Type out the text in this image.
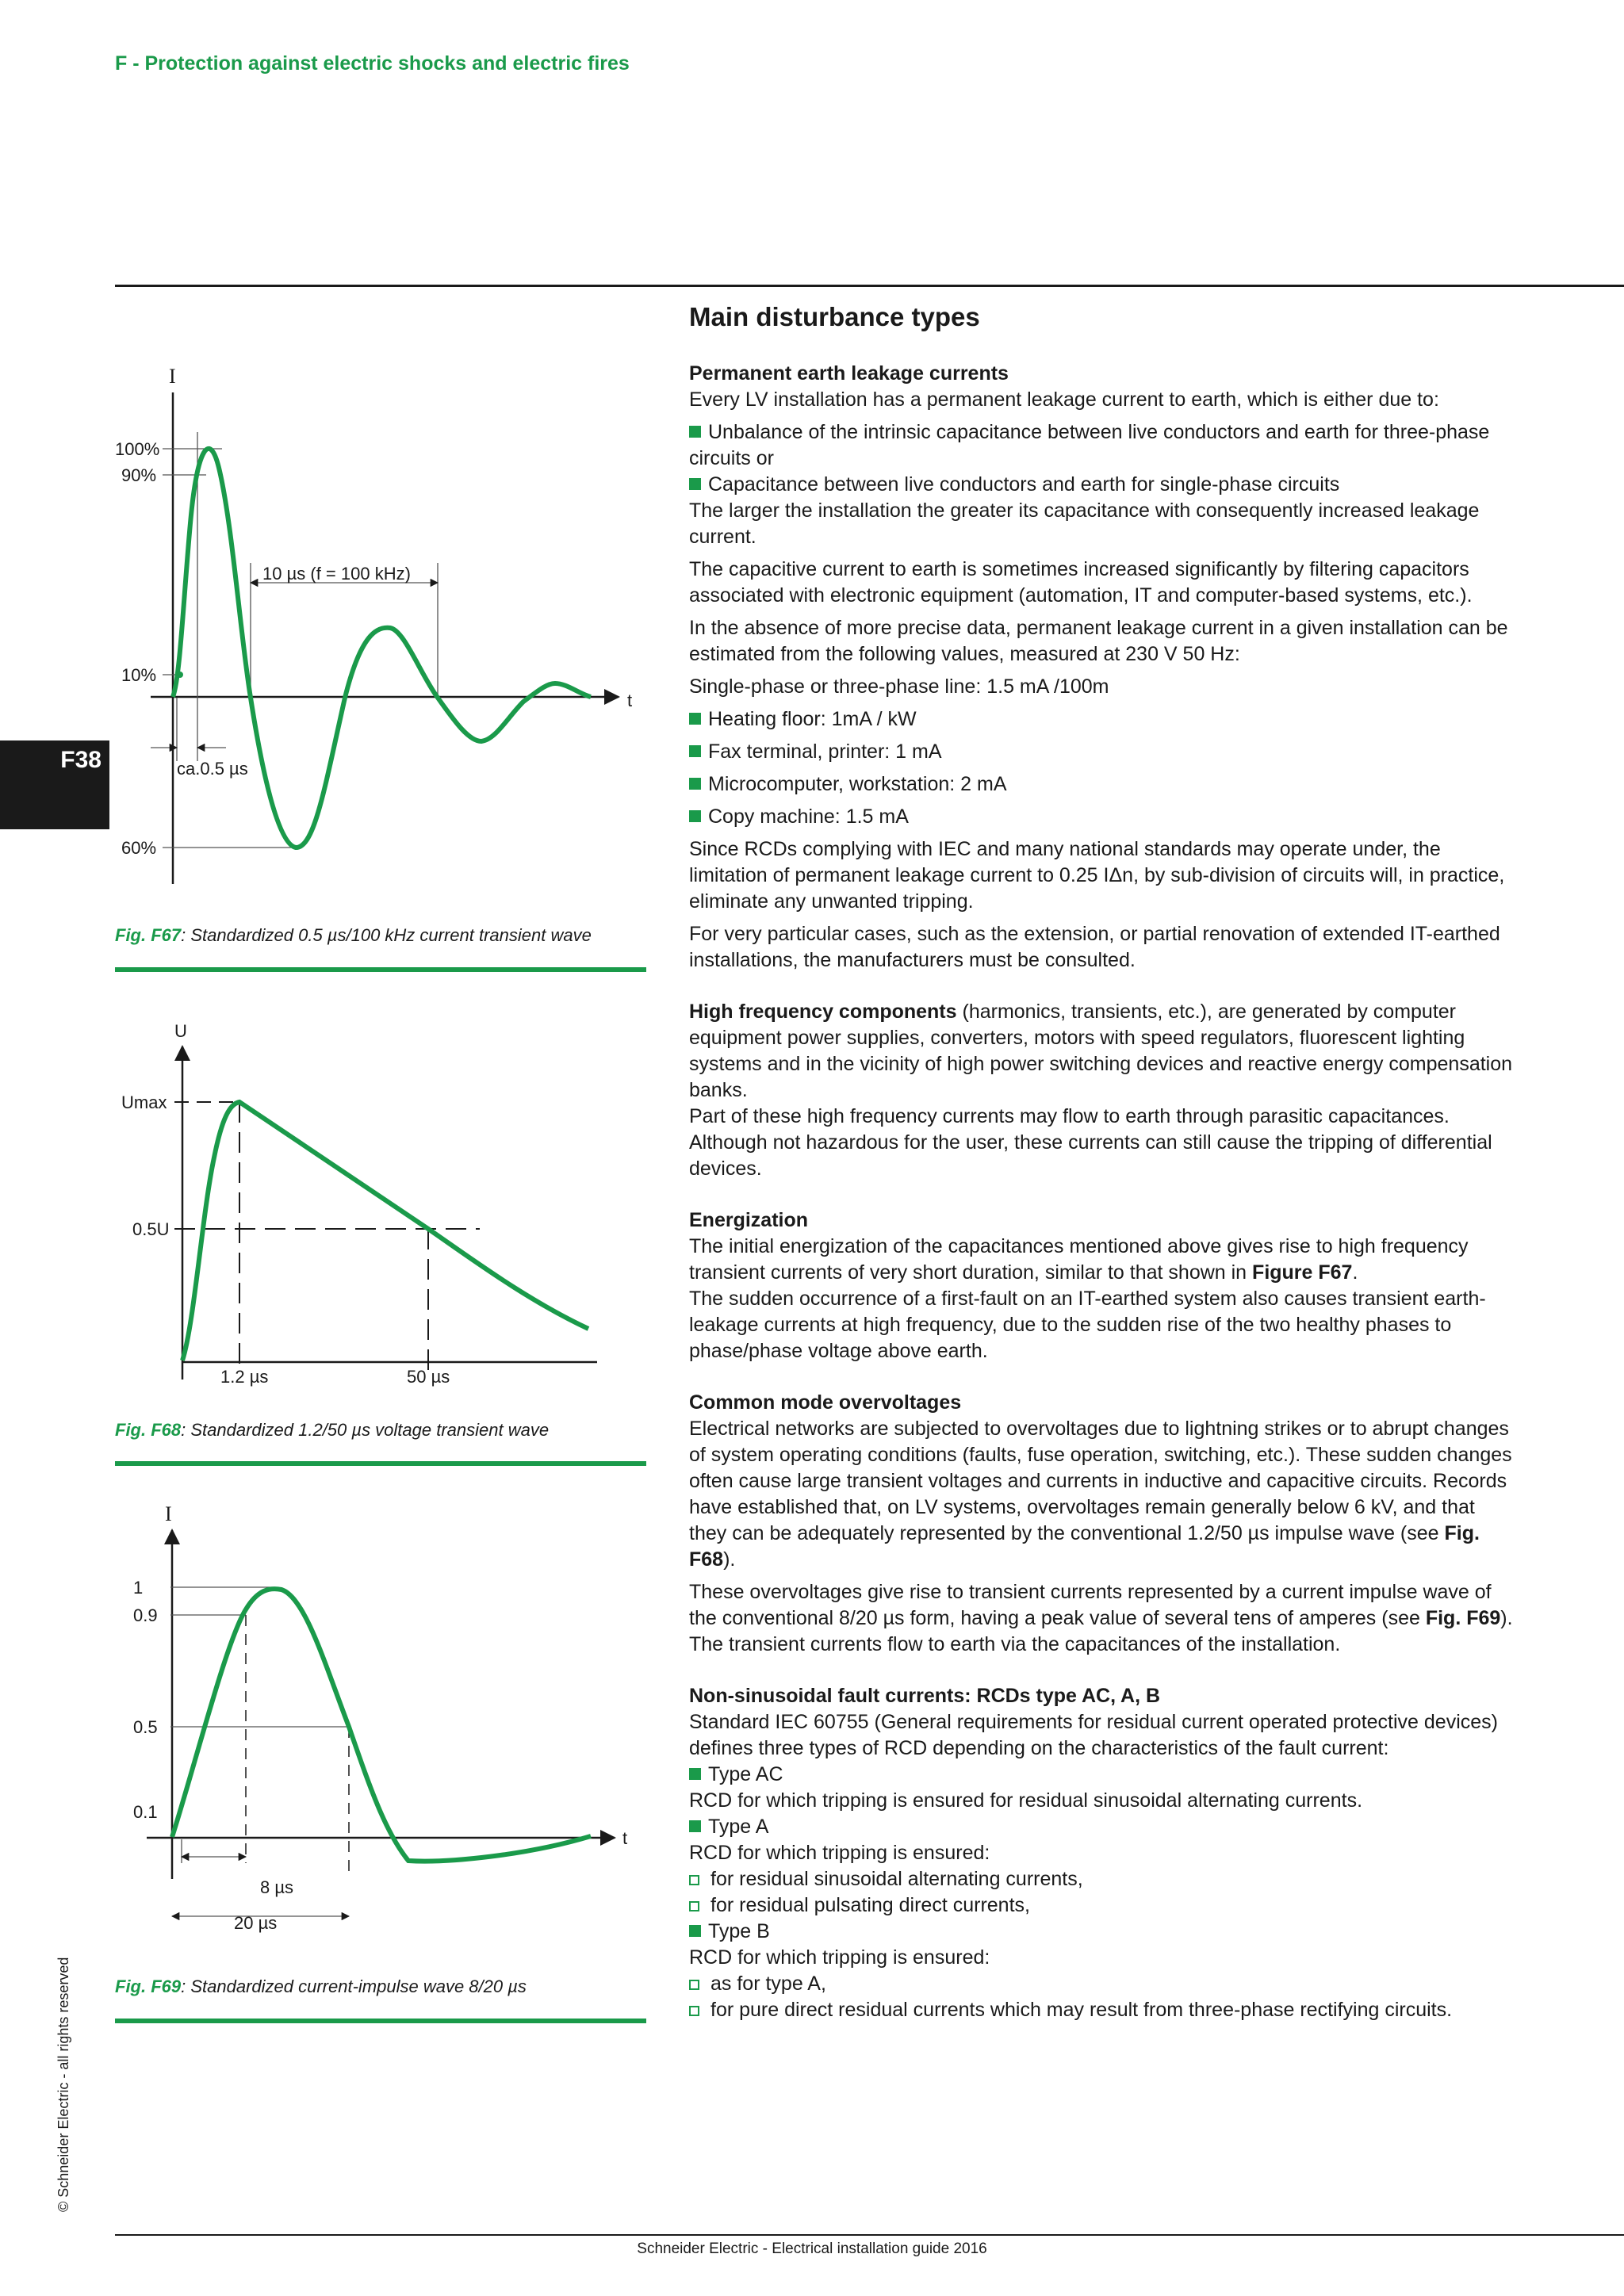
F - Protection against electric shocks and electric fires
F38
I
t
100%
90%
10%
60%
10 µs (f = 100 kHz)
ca.0.5 µs
Fig. F67: Standardized 0.5 µs/100 kHz current transient wave
U
Umax
0.5U
1.2 µs	50 µs
Fig. F68: Standardized 1.2/50 µs voltage transient wave
I
t
1
0.9
0.5
0.1
8 µs
20 µs
Fig. F69: Standardized current-impulse wave 8/20 µs
Main disturbance types
Permanent earth leakage currents

Every LV installation has a permanent leakage current to earth, which is either due to:

Unbalance of the intrinsic capacitance between live conductors and earth for three-phase circuits or
Capacitance between live conductors and earth for single-phase circuits

The larger the installation the greater its capacitance with consequently increased leakage current.

The capacitive current to earth is sometimes increased significantly by filtering capacitors associated with electronic equipment (automation, IT and computer-based systems, etc.).

In the absence of more precise data, permanent leakage current in a given installation can be estimated from the following values, measured at 230 V 50 Hz:

Single-phase or three-phase line: 1.5 mA /100m

Heating floor: 1mA / kW

Fax terminal, printer: 1 mA

Microcomputer, workstation: 2 mA

Copy machine: 1.5 mA

Since RCDs complying with IEC and many national standards may operate under, the limitation of permanent leakage current to 0.25 IΔn, by sub-division of circuits will, in practice, eliminate any unwanted tripping.

For very particular cases, such as the extension, or partial renovation of extended IT-earthed installations, the manufacturers must be consulted.

High frequency components (harmonics, transients, etc.), are generated by computer equipment power supplies, converters, motors with speed regulators, fluorescent lighting systems and in the vicinity of high power switching devices and reactive energy compensation banks.
Part of these high frequency currents may flow to earth through parasitic capacitances. Although not hazardous for the user, these currents can still cause the tripping of differential devices.

Energization
The initial energization of the capacitances mentioned above gives rise to high frequency transient currents of very short duration, similar to that shown in Figure F67.
The sudden occurrence of a first-fault on an IT-earthed system also causes transient earth-leakage currents at high frequency, due to the sudden rise of the two healthy phases to phase/phase voltage above earth.
Common mode overvoltages

Electrical networks are subjected to overvoltages due to lightning strikes or to abrupt changes of system operating conditions (faults, fuse operation, switching, etc.). These sudden changes often cause large transient voltages and currents in inductive and capacitive circuits. Records have established that, on LV systems, overvoltages remain generally below 6 kV, and that they can be adequately represented by the conventional 1.2/50 µs impulse wave (see Fig. F68).

These overvoltages give rise to transient currents represented by a current impulse wave of the conventional 8/20 µs form, having a peak value of several tens of amperes (see Fig. F69).
The transient currents flow to earth via the capacitances of the installation.
Non-sinusoidal fault currents: RCDs type AC, A, B
Standard IEC 60755 (General requirements for residual current operated protective devices) defines three types of RCD depending on the characteristics of the fault current:
Type AC
RCD for which tripping is ensured for residual sinusoidal alternating currents.
Type A
RCD for which tripping is ensured:
for residual sinusoidal alternating currents,
for residual pulsating direct currents,
Type B
RCD for which tripping is ensured:
as for type A,
for pure direct residual currents which may result from three-phase rectifying circuits.
© Schneider Electric - all rights reserved
Schneider Electric - Electrical installation guide 2016
